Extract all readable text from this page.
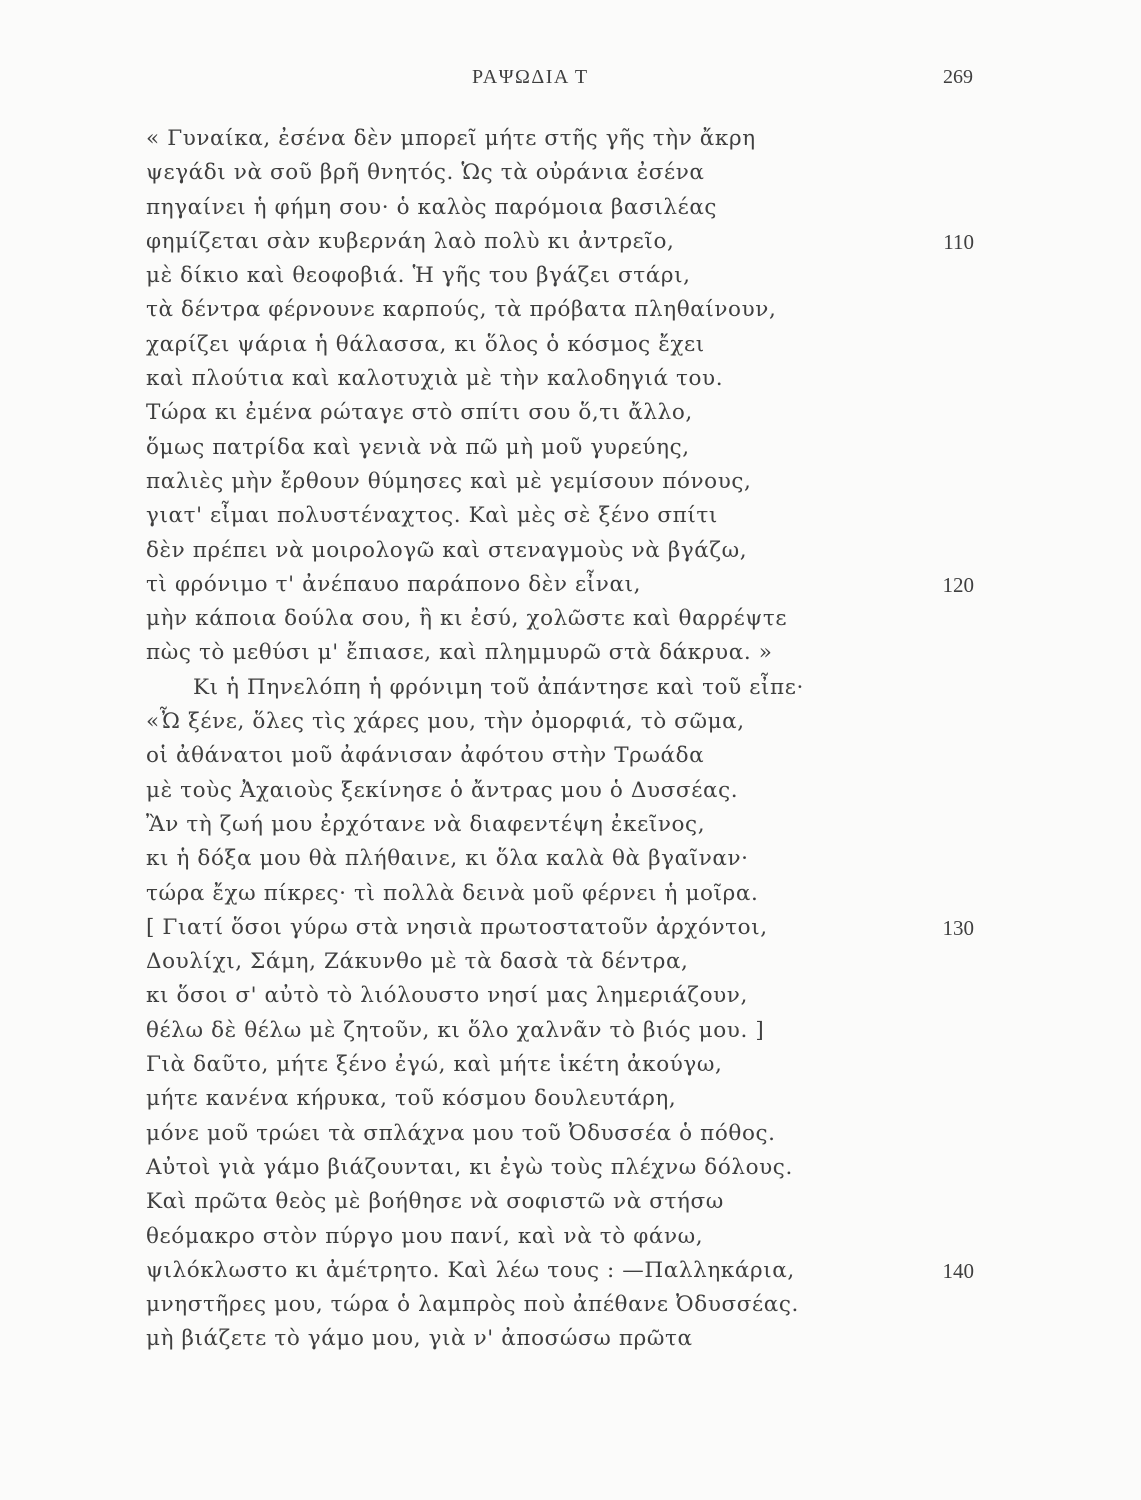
ΡΑΨΩΔΙΑ Τ	269
« Γυναίκα, ἐσένα δὲν μπορεῖ μήτε στῆς γῆς τὴν ἄκρη
ψεγάδι νὰ σοῦ βρῆ θνητός. Ὡς τὰ οὐράνια ἐσένα
πηγαίνει ἡ φήμη σου· ὁ καλὸς παρόμοια βασιλέας
φημίζεται σὰν κυβερνάη λαὸ πολὺ κι ἀντρεῖο,	110
μὲ δίκιο καὶ θεοφοβιά. Ἡ γῆς του βγάζει στάρι,
τὰ δέντρα φέρνουνε καρπούς, τὰ πρόβατα πληθαίνουν,
χαρίζει ψάρια ἡ θάλασσα, κι ὅλος ὁ κόσμος ἔχει
καὶ πλούτια καὶ καλοτυχιὰ μὲ τὴν καλοδηγιά του.
Τώρα κι ἐμένα ρώταγε στὸ σπίτι σου ὅ,τι ἄλλο,
ὅμως πατρίδα καὶ γενιὰ νὰ πῶ μὴ μοῦ γυρεύης,
παλιὲς μὴν ἔρθουν θύμησες καὶ μὲ γεμίσουν πόνους,
γιατ' εἶμαι πολυστέναχτος. Καὶ μὲς σὲ ξένο σπίτι
δὲν πρέπει νὰ μοιρολογῶ καὶ στεναγμοὺς νὰ βγάζω,
τὶ φρόνιμο τ' ἀνέπαυο παράπονο δὲν εἶναι,	120
μὴν κάποια δούλα σου, ἢ κι ἐσύ, χολῶστε καὶ θαρρέψτε
πὼς τὸ μεθύσι μ' ἔπιασε, καὶ πλημμυρῶ στὰ δάκρυα. »
Κι ἡ Πηνελόπη ἡ φρόνιμη τοῦ ἀπάντησε καὶ τοῦ εἶπε·
«Ὦ ξένε, ὅλες τὶς χάρες μου, τὴν ὀμορφιά, τὸ σῶμα,
οἱ ἀθάνατοι μοῦ ἀφάνισαν ἀφότου στὴν Τρωάδα
μὲ τοὺς Ἀχαιοὺς ξεκίνησε ὁ ἄντρας μου ὁ Δυσσέας.
Ἂν τὴ ζωή μου ἐρχότανε νὰ διαφεντέψη ἐκεῖνος,
κι ἡ δόξα μου θὰ πλήθαινε, κι ὅλα καλὰ θὰ βγαῖναν·
τώρα ἔχω πίκρες· τὶ πολλὰ δεινὰ μοῦ φέρνει ἡ μοῖρα.
[ Γιατί ὅσοι γύρω στὰ νησιὰ πρωτοστατοῦν ἀρχόντοι,	130
Δουλίχι, Σάμη, Ζάκυνθο μὲ τὰ δασὰ τὰ δέντρα,
κι ὅσοι σ' αὐτὸ τὸ λιόλουστο νησί μας λημεριάζουν,
θέλω δὲ θέλω μὲ ζητοῦν, κι ὅλο χαλνᾶν τὸ βιός μου. ]
Γιὰ δαῦτο, μήτε ξένο ἐγώ, καὶ μήτε ἱκέτη ἀκούγω,
μήτε κανένα κήρυκα, τοῦ κόσμου δουλευτάρη,
μόνε μοῦ τρώει τὰ σπλάχνα μου τοῦ Ὀδυσσέα ὁ πόθος.
Αὐτοὶ γιὰ γάμο βιάζουνται, κι ἐγὼ τοὺς πλέχνω δόλους.
Καὶ πρῶτα θεὸς μὲ βοήθησε νὰ σοφιστῶ νὰ στήσω
θεόμακρο στὸν πύργο μου πανί, καὶ νὰ τὸ φάνω,
ψιλόκλωστο κι ἀμέτρητο. Καὶ λέω τους : —Παλληκάρια,	140
μνηστῆρες μου, τώρα ὁ λαμπρὸς ποὺ ἀπέθανε Ὀδυσσέας.
μὴ βιάζετε τὸ γάμο μου, γιὰ ν' ἀποσώσω πρῶτα
